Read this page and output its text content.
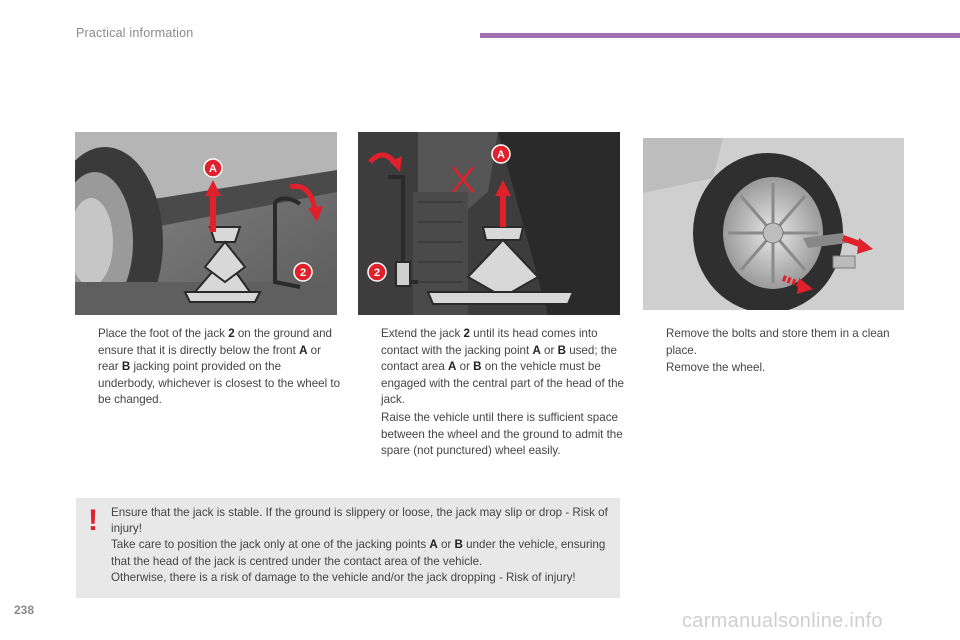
Practical information
A
2
A
2
Place the foot of the jack 2 on the ground and ensure that it is directly below the front A or rear B jacking point provided on the underbody, whichever is closest to the wheel to be changed.
Extend the jack 2 until its head comes into contact with the jacking point A or B used; the contact area A or B on the vehicle must be engaged with the central part of the head of the jack.
Raise the vehicle until there is sufficient space between the wheel and the ground to admit the spare (not punctured) wheel easily.
Remove the bolts and store them in a clean place.
Remove the wheel.
! Ensure that the jack is stable. If the ground is slippery or loose, the jack may slip or drop - Risk of injury!
Take care to position the jack only at one of the jacking points A or B under the vehicle, ensuring that the head of the jack is centred under the contact area of the vehicle.
Otherwise, there is a risk of damage to the vehicle and/or the jack dropping - Risk of injury!
238	carmanualsonline.info
